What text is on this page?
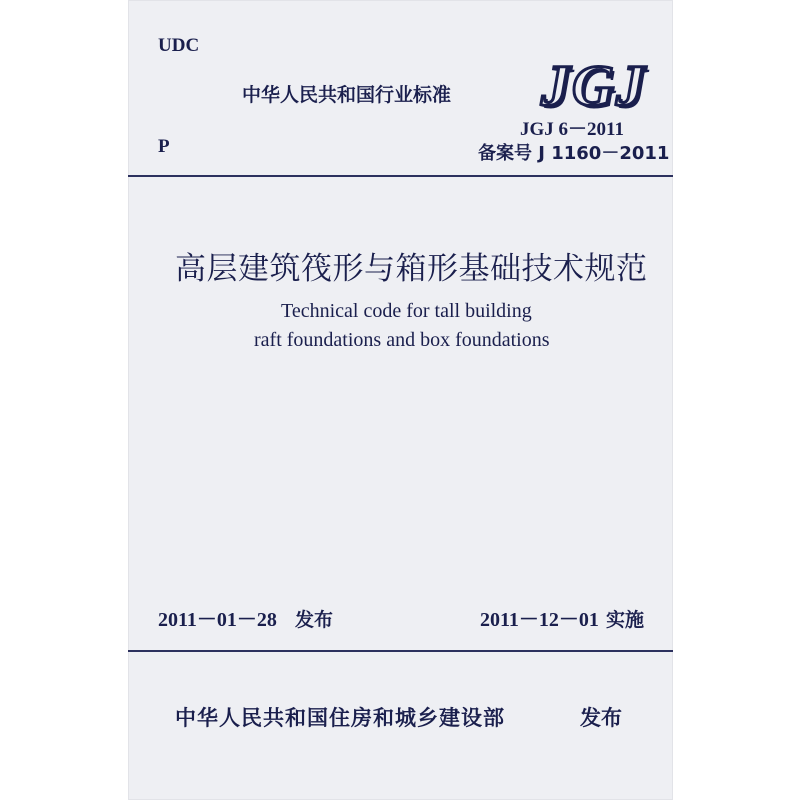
UDC
中华人民共和国行业标准 JGJ
P
JGJ 6－2011
备案号 J 1160－2011
高层建筑筏形与箱形基础技术规范
Technical code for tall building
raft foundations and box foundations
2011－01－28 发布	2011－12－01 实施
中华人民共和国住房和城乡建设部	发布
